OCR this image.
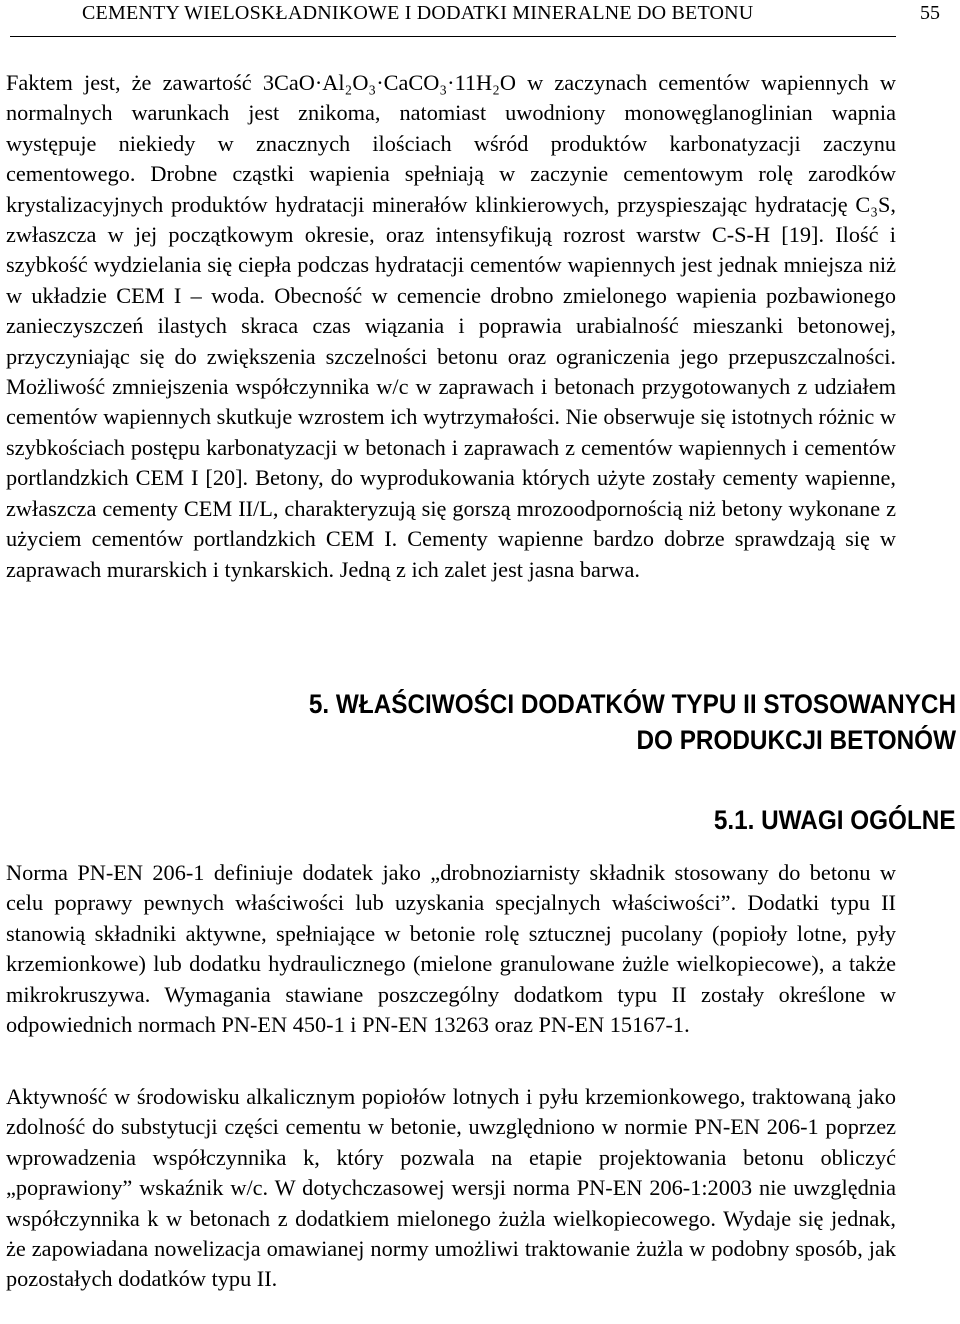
CEMENTY WIELOSKŁADNIKOWE I DODATKI MINERALNE DO BETONU	55

Faktem jest, że zawartość 3CaO·Al₂O₃·CaCO₃·11H₂O w zaczynach cementów wapiennych w normalnych warunkach jest znikoma, natomiast uwodniony monowęglanoglinian wapnia występuje niekiedy w znacznych ilościach wśród produktów karbonatyzacji zaczynu cementowego. Drobne cząstki wapienia spełniają w zaczynie cementowym rolę zarodków krystalizacyjnych produktów hydratacji minerałów klinkierowych, przyspieszając hydratację C₃S, zwłaszcza w jej początkowym okresie, oraz intensyfikują rozrost warstw C-S-H [19]. Ilość i szybkość wydzielania się ciepła podczas hydratacji cementów wapiennych jest jednak mniejsza niż w układzie CEM I – woda. Obecność w cemencie drobno zmielonego wapienia pozbawionego zanieczyszczeń ilastych skraca czas wiązania i poprawia urabialność mieszanki betonowej, przyczyniając się do zwiększenia szczelności betonu oraz ograniczenia jego przepuszczalności. Możliwość zmniejszenia współczynnika w/c w zaprawach i betonach przygotowanych z udziałem cementów wapiennych skutkuje wzrostem ich wytrzymałości. Nie obserwuje się istotnych różnic w szybkościach postępu karbonatyzacji w betonach i zaprawach z cementów wapiennych i cementów portlandzkich CEM I [20]. Betony, do wyprodukowania których użyte zostały cementy wapienne, zwłaszcza cementy CEM II/L, charakteryzują się gorszą mrozoodpornością niż betony wykonane z użyciem cementów portlandzkich CEM I. Cementy wapienne bardzo dobrze sprawdzają się w zaprawach murarskich i tynkarskich. Jedną z ich zalet jest jasna barwa.

5. WŁAŚCIWOŚCI DODATKÓW TYPU II STOSOWANYCH
DO PRODUKCJI BETONÓW
5.1. UWAGI OGÓLNE

Norma PN-EN 206-1 definiuje dodatek jako „drobnoziarnisty składnik stosowany do betonu w celu poprawy pewnych właściwości lub uzyskania specjalnych właściwości”. Dodatki typu II stanowią składniki aktywne, spełniające w betonie rolę sztucznej pucolany (popioły lotne, pyły krzemionkowe) lub dodatku hydraulicznego (mielone granulowane żużle wielkopiecowe), a także mikrokruszywa. Wymagania stawiane poszczególny dodatkom typu II zostały określone w odpowiednich normach PN-EN 450-1 i PN-EN 13263 oraz PN-EN 15167-1.

Aktywność w środowisku alkalicznym popiołów lotnych i pyłu krzemionkowego, traktowaną jako zdolność do substytucji części cementu w betonie, uwzględniono w normie PN-EN 206-1 poprzez wprowadzenia współczynnika k, który pozwala na etapie projektowania betonu obliczyć „poprawiony” wskaźnik w/c. W dotychczasowej wersji norma PN-EN 206-1:2003 nie uwzględnia współczynnika k w betonach z dodatkiem mielonego żużla wielkopiecowego. Wydaje się jednak, że zapowiadana nowelizacja omawianej normy umożliwi traktowanie żużla w podobny sposób, jak pozostałych dodatków typu II.
